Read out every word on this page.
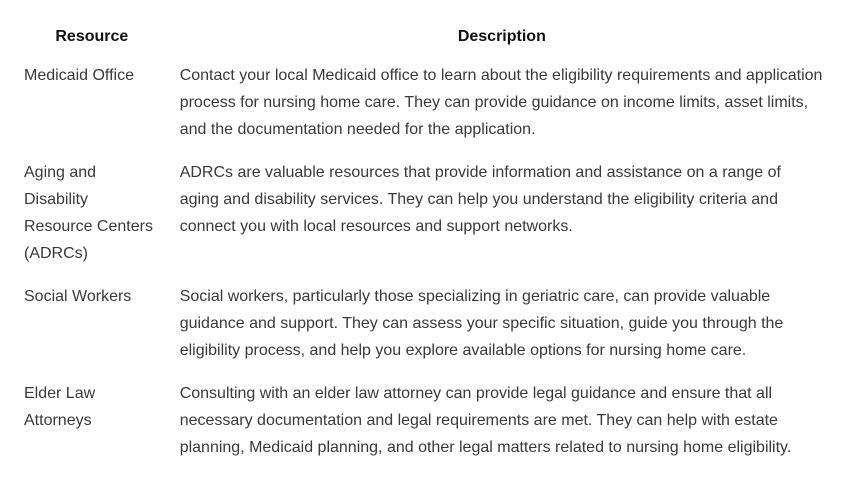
Resource	Description
Medicaid Office	Contact your local Medicaid office to learn about the eligibility requirements and application process for nursing home care. They can provide guidance on income limits, asset limits, and the documentation needed for the application.
Aging and Disability Resource Centers (ADRCs)	ADRCs are valuable resources that provide information and assistance on a range of aging and disability services. They can help you understand the eligibility criteria and connect you with local resources and support networks.
Social Workers	Social workers, particularly those specializing in geriatric care, can provide valuable guidance and support. They can assess your specific situation, guide you through the eligibility process, and help you explore available options for nursing home care.
Elder Law Attorneys	Consulting with an elder law attorney can provide legal guidance and ensure that all necessary documentation and legal requirements are met. They can help with estate planning, Medicaid planning, and other legal matters related to nursing home eligibility.
